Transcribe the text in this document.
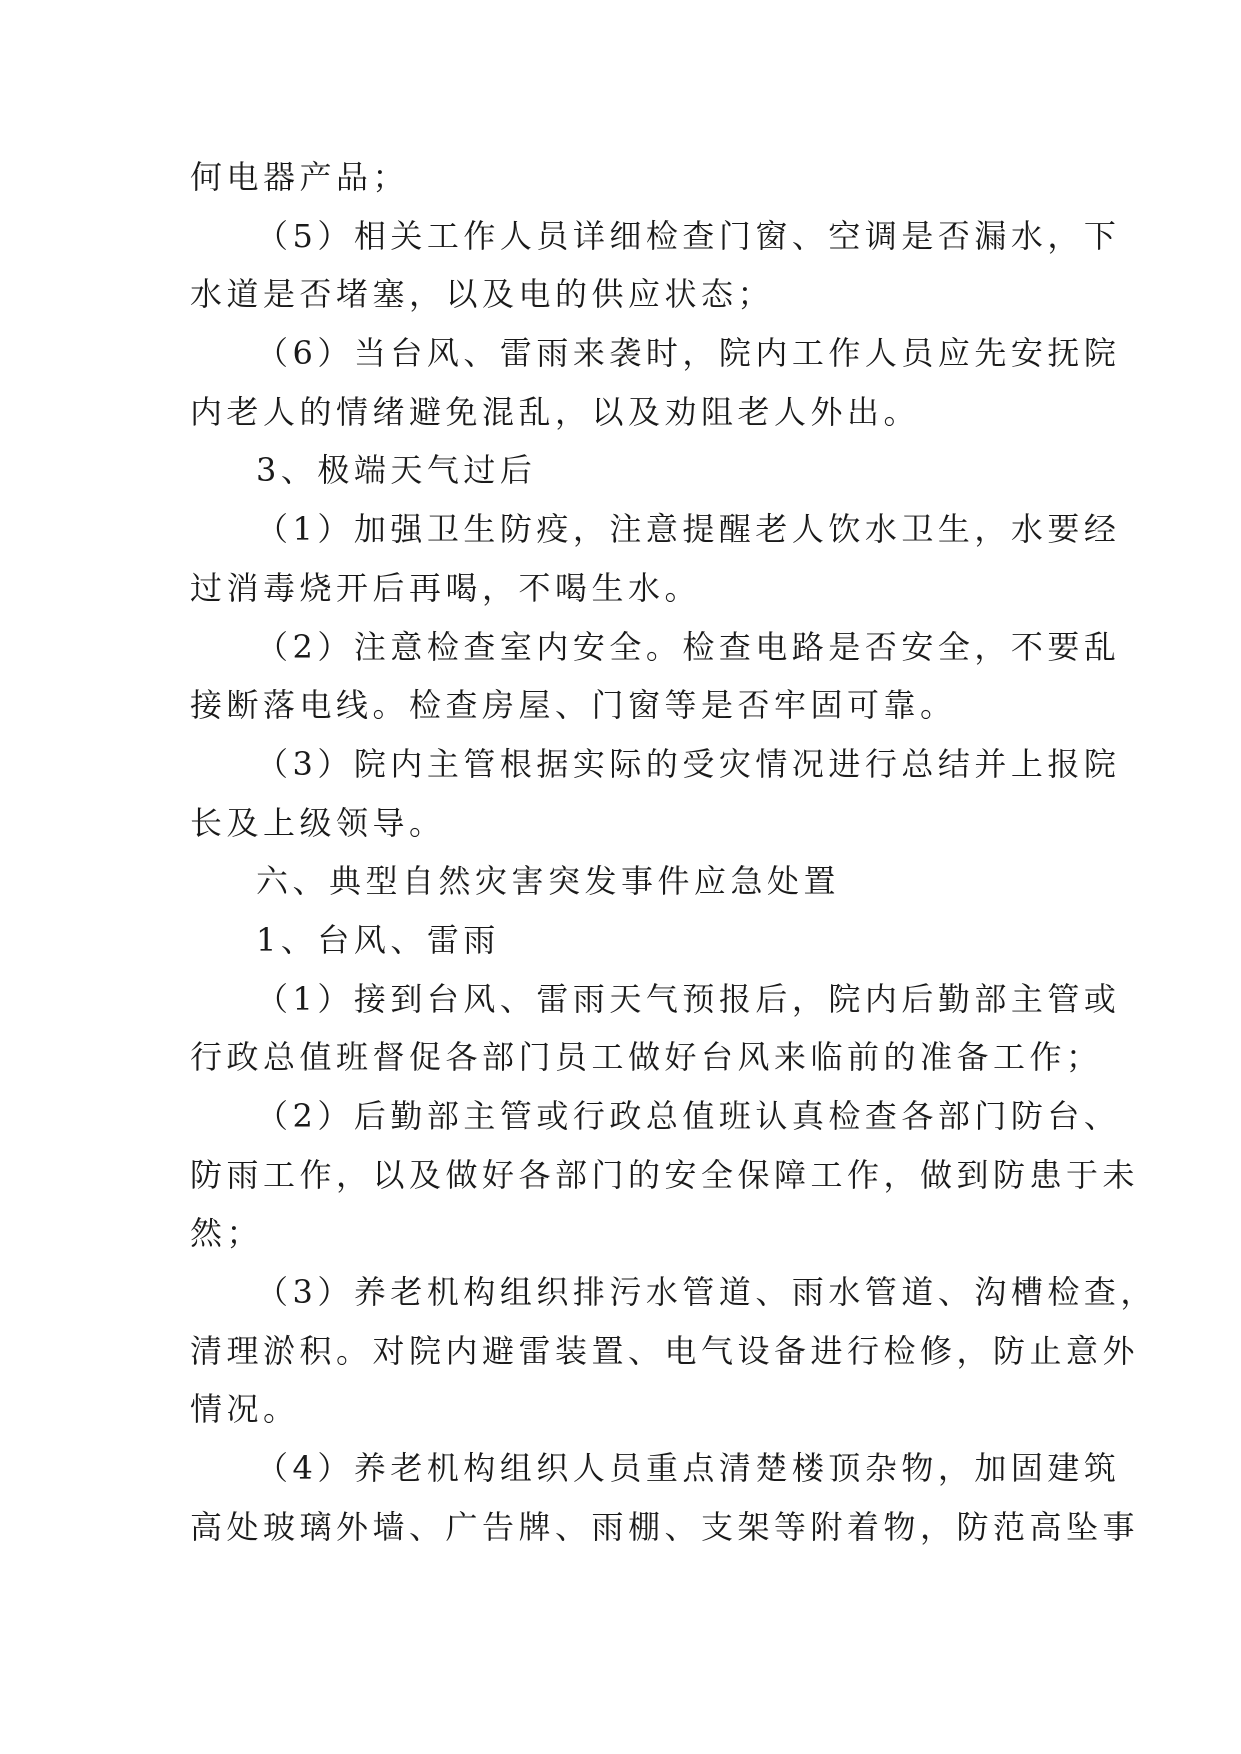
何电器产品；
（5）相关工作人员详细检查门窗、空调是否漏水，下
水道是否堵塞，以及电的供应状态；
（6）当台风、雷雨来袭时，院内工作人员应先安抚院
内老人的情绪避免混乱，以及劝阻老人外出。
3、极端天气过后
（1）加强卫生防疫，注意提醒老人饮水卫生，水要经
过消毒烧开后再喝，不喝生水。
（2）注意检查室内安全。检查电路是否安全，不要乱
接断落电线。检查房屋、门窗等是否牢固可靠。
（3）院内主管根据实际的受灾情况进行总结并上报院
长及上级领导。
六、典型自然灾害突发事件应急处置
1、台风、雷雨
（1）接到台风、雷雨天气预报后，院内后勤部主管或
行政总值班督促各部门员工做好台风来临前的准备工作；
（2）后勤部主管或行政总值班认真检查各部门防台、
防雨工作，以及做好各部门的安全保障工作，做到防患于未
然；
（3）养老机构组织排污水管道、雨水管道、沟槽检查，
清理淤积。对院内避雷装置、电气设备进行检修，防止意外
情况。
（4）养老机构组织人员重点清楚楼顶杂物，加固建筑
高处玻璃外墙、广告牌、雨棚、支架等附着物，防范高坠事
